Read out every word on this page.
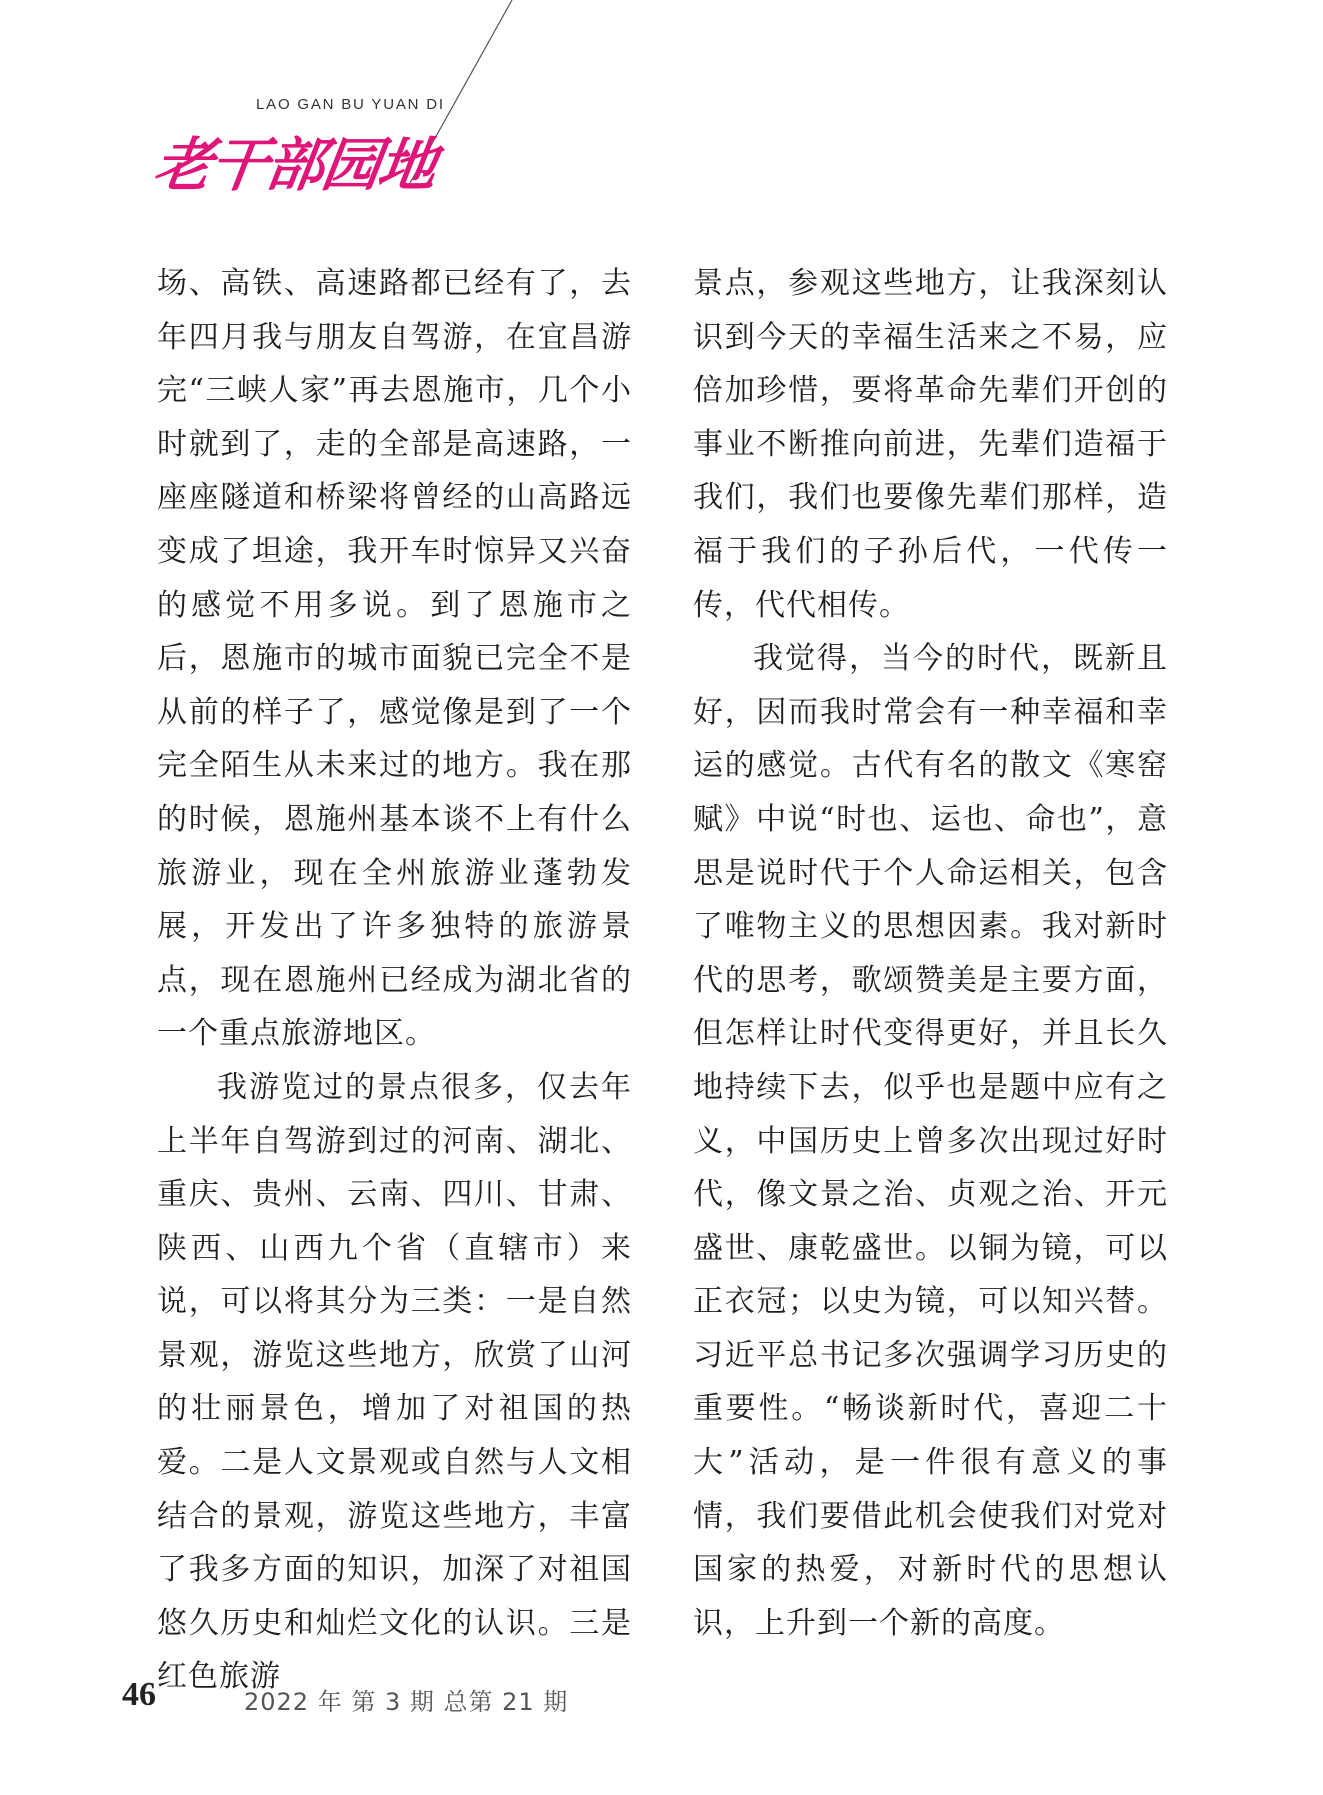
LAO GAN BU YUAN DI
老干部园地

场、高铁、高速路都已经有了，去年四月我与朋友自驾游，在宜昌游完“三峡人家”再去恩施市，几个小时就到了，走的全部是高速路，一座座隧道和桥梁将曾经的山高路远变成了坦途，我开车时惊异又兴奋的感觉不用多说。到了恩施市之后，恩施市的城市面貌已完全不是从前的样子了，感觉像是到了一个完全陌生从未来过的地方。我在那的时候，恩施州基本谈不上有什么旅游业，现在全州旅游业蓬勃发展，开发出了许多独特的旅游景点，现在恩施州已经成为湖北省的一个重点旅游地区。

我游览过的景点很多，仅去年上半年自驾游到过的河南、湖北、重庆、贵州、云南、四川、甘肃、陕西、山西九个省（直辖市）来说，可以将其分为三类：一是自然景观，游览这些地方，欣赏了山河的壮丽景色，增加了对祖国的热爱。二是人文景观或自然与人文相结合的景观，游览这些地方，丰富了我多方面的知识，加深了对祖国悠久历史和灿烂文化的认识。三是红色旅游

景点，参观这些地方，让我深刻认识到今天的幸福生活来之不易，应倍加珍惜，要将革命先辈们开创的事业不断推向前进，先辈们造福于我们，我们也要像先辈们那样，造福于我们的子孙后代，一代传一传，代代相传。

我觉得，当今的时代，既新且好，因而我时常会有一种幸福和幸运的感觉。古代有名的散文《寒窑赋》中说“时也、运也、命也”，意思是说时代于个人命运相关，包含了唯物主义的思想因素。我对新时代的思考，歌颂赞美是主要方面，但怎样让时代变得更好，并且长久地持续下去，似乎也是题中应有之义，中国历史上曾多次出现过好时代，像文景之治、贞观之治、开元盛世、康乾盛世。以铜为镜，可以正衣冠；以史为镜，可以知兴替。习近平总书记多次强调学习历史的重要性。“畅谈新时代，喜迎二十大”活动，是一件很有意义的事情，我们要借此机会使我们对党对国家的热爱，对新时代的思想认识，上升到一个新的高度。

46	2022 年 第 3 期 总第 21 期
